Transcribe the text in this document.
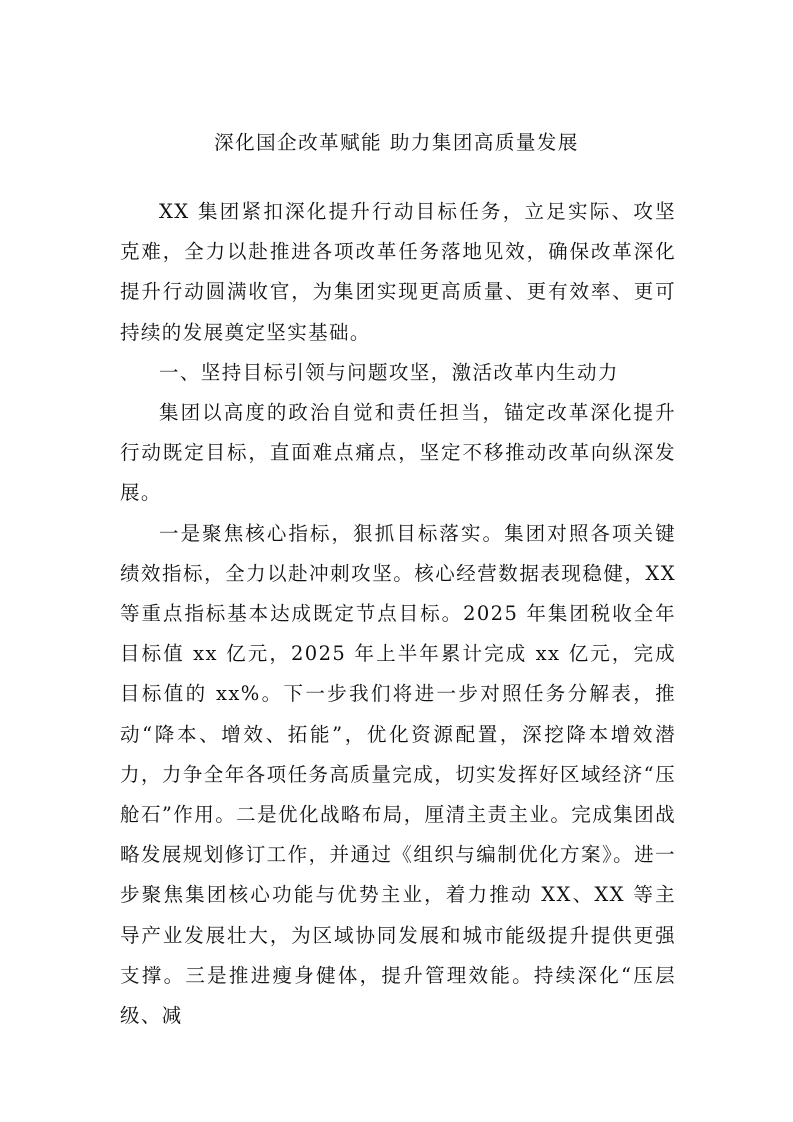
深化国企改革赋能 助力集团高质量发展

XX 集团紧扣深化提升行动目标任务，立足实际、攻坚克难，全力以赴推进各项改革任务落地见效，确保改革深化提升行动圆满收官，为集团实现更高质量、更有效率、更可持续的发展奠定坚实基础。

一、坚持目标引领与问题攻坚，激活改革内生动力

集团以高度的政治自觉和责任担当，锚定改革深化提升行动既定目标，直面难点痛点，坚定不移推动改革向纵深发展。

一是聚焦核心指标，狠抓目标落实。集团对照各项关键绩效指标，全力以赴冲刺攻坚。核心经营数据表现稳健，XX 等重点指标基本达成既定节点目标。2025 年集团税收全年目标值 xx 亿元，2025 年上半年累计完成 xx 亿元，完成目标值的 xx%。下一步我们将进一步对照任务分解表，推动“降本、增效、拓能”，优化资源配置，深挖降本增效潜力，力争全年各项任务高质量完成，切实发挥好区域经济“压舱石”作用。二是优化战略布局，厘清主责主业。完成集团战略发展规划修订工作，并通过《组织与编制优化方案》。进一步聚焦集团核心功能与优势主业，着力推动 XX、XX 等主导产业发展壮大，为区域协同发展和城市能级提升提供更强支撑。三是推进瘦身健体，提升管理效能。持续深化“压层级、减
